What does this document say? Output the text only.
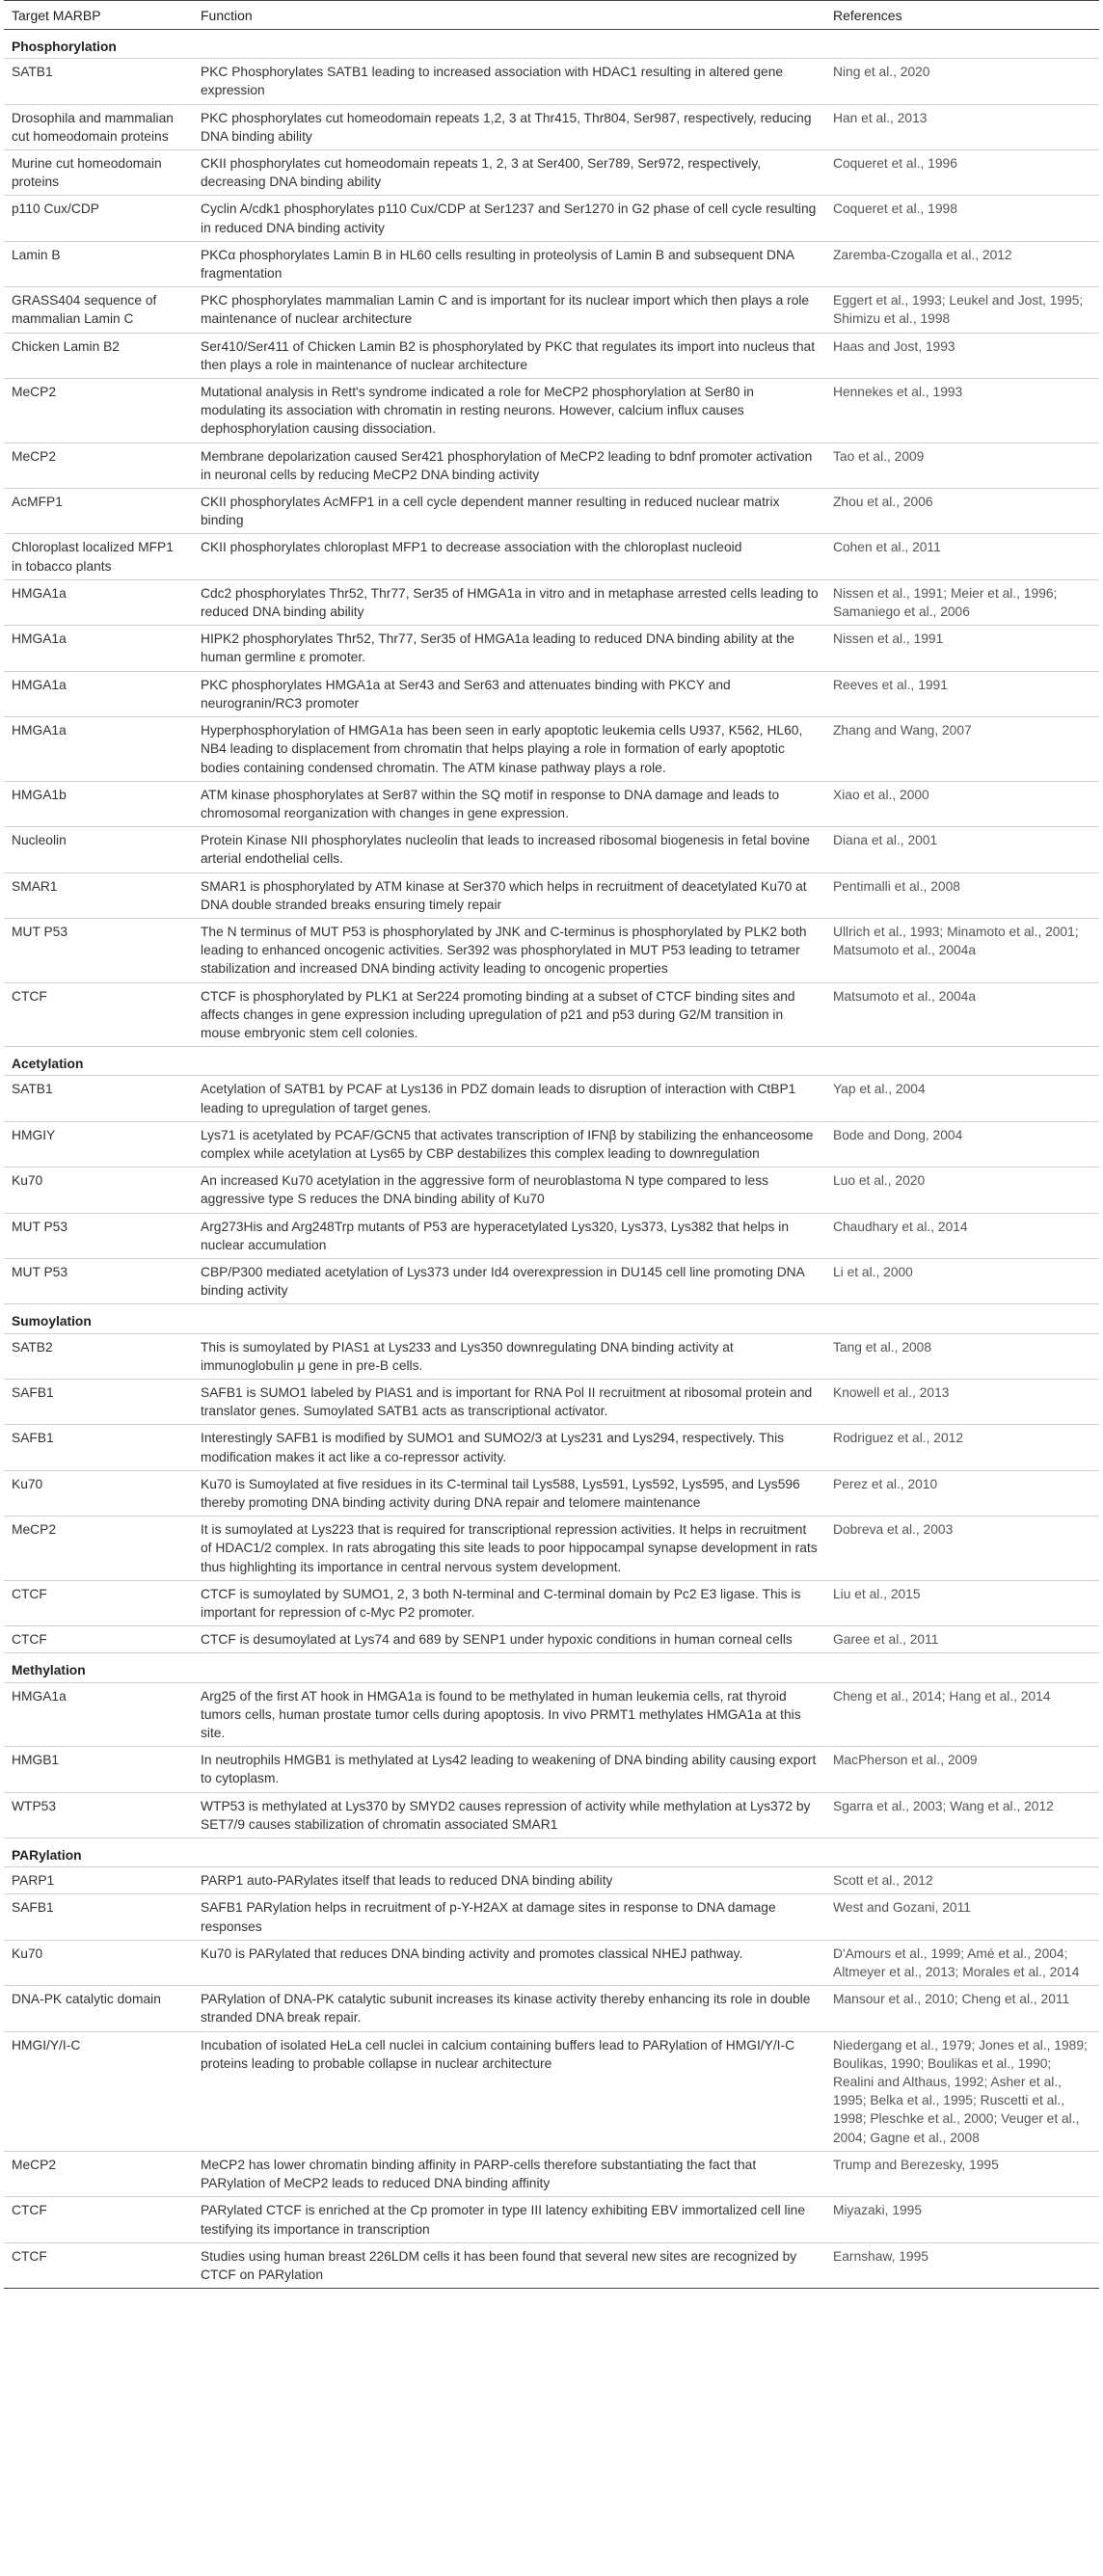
Target MARBP	Function	References
Phosphorylation		
SATB1	PKC Phosphorylates SATB1 leading to increased association with HDAC1 resulting in altered gene expression	Ning et al., 2020
Drosophila and mammalian cut homeodomain proteins	PKC phosphorylates cut homeodomain repeats 1,2, 3 at Thr415, Thr804, Ser987, respectively, reducing DNA binding ability	Han et al., 2013
Murine cut homeodomain proteins	CKII phosphorylates cut homeodomain repeats 1, 2, 3 at Ser400, Ser789, Ser972, respectively, decreasing DNA binding ability	Coqueret et al., 1996
p110 Cux/CDP	Cyclin A/cdk1 phosphorylates p110 Cux/CDP at Ser1237 and Ser1270 in G2 phase of cell cycle resulting in reduced DNA binding activity	Coqueret et al., 1998
Lamin B	PKCα phosphorylates Lamin B in HL60 cells resulting in proteolysis of Lamin B and subsequent DNA fragmentation	Zaremba-Czogalla et al., 2012
GRASS404 sequence of mammalian Lamin C	PKC phosphorylates mammalian Lamin C and is important for its nuclear import which then plays a role maintenance of nuclear architecture	Eggert et al., 1993; Leukel and Jost, 1995; Shimizu et al., 1998
Chicken Lamin B2	Ser410/Ser411 of Chicken Lamin B2 is phosphorylated by PKC that regulates its import into nucleus that then plays a role in maintenance of nuclear architecture	Haas and Jost, 1993
MeCP2	Mutational analysis in Rett's syndrome indicated a role for MeCP2 phosphorylation at Ser80 in modulating its association with chromatin in resting neurons. However, calcium influx causes dephosphorylation causing dissociation.	Hennekes et al., 1993
MeCP2	Membrane depolarization caused Ser421 phosphorylation of MeCP2 leading to bdnf promoter activation in neuronal cells by reducing MeCP2 DNA binding activity	Tao et al., 2009
AcMFP1	CKII phosphorylates AcMFP1 in a cell cycle dependent manner resulting in reduced nuclear matrix binding	Zhou et al., 2006
Chloroplast localized MFP1 in tobacco plants	CKII phosphorylates chloroplast MFP1 to decrease association with the chloroplast nucleoid	Cohen et al., 2011
HMGA1a	Cdc2 phosphorylates Thr52, Thr77, Ser35 of HMGA1a in vitro and in metaphase arrested cells leading to reduced DNA binding ability	Nissen et al., 1991; Meier et al., 1996; Samaniego et al., 2006
HMGA1a	HIPK2 phosphorylates Thr52, Thr77, Ser35 of HMGA1a leading to reduced DNA binding ability at the human germline ε promoter.	Nissen et al., 1991
HMGA1a	PKC phosphorylates HMGA1a at Ser43 and Ser63 and attenuates binding with PKCY and neurogranin/RC3 promoter	Reeves et al., 1991
HMGA1a	Hyperphosphorylation of HMGA1a has been seen in early apoptotic leukemia cells U937, K562, HL60, NB4 leading to displacement from chromatin that helps playing a role in formation of early apoptotic bodies containing condensed chromatin. The ATM kinase pathway plays a role.	Zhang and Wang, 2007
HMGA1b	ATM kinase phosphorylates at Ser87 within the SQ motif in response to DNA damage and leads to chromosomal reorganization with changes in gene expression.	Xiao et al., 2000
Nucleolin	Protein Kinase NII phosphorylates nucleolin that leads to increased ribosomal biogenesis in fetal bovine arterial endothelial cells.	Diana et al., 2001
SMAR1	SMAR1 is phosphorylated by ATM kinase at Ser370 which helps in recruitment of deacetylated Ku70 at DNA double stranded breaks ensuring timely repair	Pentimalli et al., 2008
MUT P53	The N terminus of MUT P53 is phosphorylated by JNK and C-terminus is phosphorylated by PLK2 both leading to enhanced oncogenic activities. Ser392 was phosphorylated in MUT P53 leading to tetramer stabilization and increased DNA binding activity leading to oncogenic properties	Ullrich et al., 1993; Minamoto et al., 2001; Matsumoto et al., 2004a
CTCF	CTCF is phosphorylated by PLK1 at Ser224 promoting binding at a subset of CTCF binding sites and affects changes in gene expression including upregulation of p21 and p53 during G2/M transition in mouse embryonic stem cell colonies.	Matsumoto et al., 2004a
Acetylation		
SATB1	Acetylation of SATB1 by PCAF at Lys136 in PDZ domain leads to disruption of interaction with CtBP1 leading to upregulation of target genes.	Yap et al., 2004
HMGIY	Lys71 is acetylated by PCAF/GCN5 that activates transcription of IFNβ by stabilizing the enhanceosome complex while acetylation at Lys65 by CBP destabilizes this complex leading to downregulation	Bode and Dong, 2004
Ku70	An increased Ku70 acetylation in the aggressive form of neuroblastoma N type compared to less aggressive type S reduces the DNA binding ability of Ku70	Luo et al., 2020
MUT P53	Arg273His and Arg248Trp mutants of P53 are hyperacetylated Lys320, Lys373, Lys382 that helps in nuclear accumulation	Chaudhary et al., 2014
MUT P53	CBP/P300 mediated acetylation of Lys373 under Id4 overexpression in DU145 cell line promoting DNA binding activity	Li et al., 2000
Sumoylation		
SATB2	This is sumoylated by PIAS1 at Lys233 and Lys350 downregulating DNA binding activity at immunoglobulin μ gene in pre-B cells.	Tang et al., 2008
SAFB1	SAFB1 is SUMO1 labeled by PIAS1 and is important for RNA Pol II recruitment at ribosomal protein and translator genes. Sumoylated SATB1 acts as transcriptional activator.	Knowell et al., 2013
SAFB1	Interestingly SAFB1 is modified by SUMO1 and SUMO2/3 at Lys231 and Lys294, respectively. This modification makes it act like a co-repressor activity.	Rodriguez et al., 2012
Ku70	Ku70 is Sumoylated at five residues in its C-terminal tail Lys588, Lys591, Lys592, Lys595, and Lys596 thereby promoting DNA binding activity during DNA repair and telomere maintenance	Perez et al., 2010
MeCP2	It is sumoylated at Lys223 that is required for transcriptional repression activities. It helps in recruitment of HDAC1/2 complex. In rats abrogating this site leads to poor hippocampal synapse development in rats thus highlighting its importance in central nervous system development.	Dobreva et al., 2003
CTCF	CTCF is sumoylated by SUMO1, 2, 3 both N-terminal and C-terminal domain by Pc2 E3 ligase. This is important for repression of c-Myc P2 promoter.	Liu et al., 2015
CTCF	CTCF is desumoylated at Lys74 and 689 by SENP1 under hypoxic conditions in human corneal cells	Garee et al., 2011
Methylation		
HMGA1a	Arg25 of the first AT hook in HMGA1a is found to be methylated in human leukemia cells, rat thyroid tumors cells, human prostate tumor cells during apoptosis. In vivo PRMT1 methylates HMGA1a at this site.	Cheng et al., 2014; Hang et al., 2014
HMGB1	In neutrophils HMGB1 is methylated at Lys42 leading to weakening of DNA binding ability causing export to cytoplasm.	MacPherson et al., 2009
WTP53	WTP53 is methylated at Lys370 by SMYD2 causes repression of activity while methylation at Lys372 by SET7/9 causes stabilization of chromatin associated SMAR1	Sgarra et al., 2003; Wang et al., 2012
PARylation		
PARP1	PARP1 auto-PARylates itself that leads to reduced DNA binding ability	Scott et al., 2012
SAFB1	SAFB1 PARylation helps in recruitment of p-Y-H2AX at damage sites in response to DNA damage responses	West and Gozani, 2011
Ku70	Ku70 is PARylated that reduces DNA binding activity and promotes classical NHEJ pathway.	D'Amours et al., 1999; Amé et al., 2004; Altmeyer et al., 2013; Morales et al., 2014
DNA-PK catalytic domain	PARylation of DNA-PK catalytic subunit increases its kinase activity thereby enhancing its role in double stranded DNA break repair.	Mansour et al., 2010; Cheng et al., 2011
HMGI/Y/I-C	Incubation of isolated HeLa cell nuclei in calcium containing buffers lead to PARylation of HMGI/Y/I-C proteins leading to probable collapse in nuclear architecture	Niedergang et al., 1979; Jones et al., 1989; Boulikas, 1990; Boulikas et al., 1990; Realini and Althaus, 1992; Asher et al., 1995; Belka et al., 1995; Ruscetti et al., 1998; Pleschke et al., 2000; Veuger et al., 2004; Gagne et al., 2008
MeCP2	MeCP2 has lower chromatin binding affinity in PARP-cells therefore substantiating the fact that PARylation of MeCP2 leads to reduced DNA binding affinity	Trump and Berezesky, 1995
CTCF	PARylated CTCF is enriched at the Cp promoter in type III latency exhibiting EBV immortalized cell line testifying its importance in transcription	Miyazaki, 1995
CTCF	Studies using human breast 226LDM cells it has been found that several new sites are recognized by CTCF on PARylation	Earnshaw, 1995
